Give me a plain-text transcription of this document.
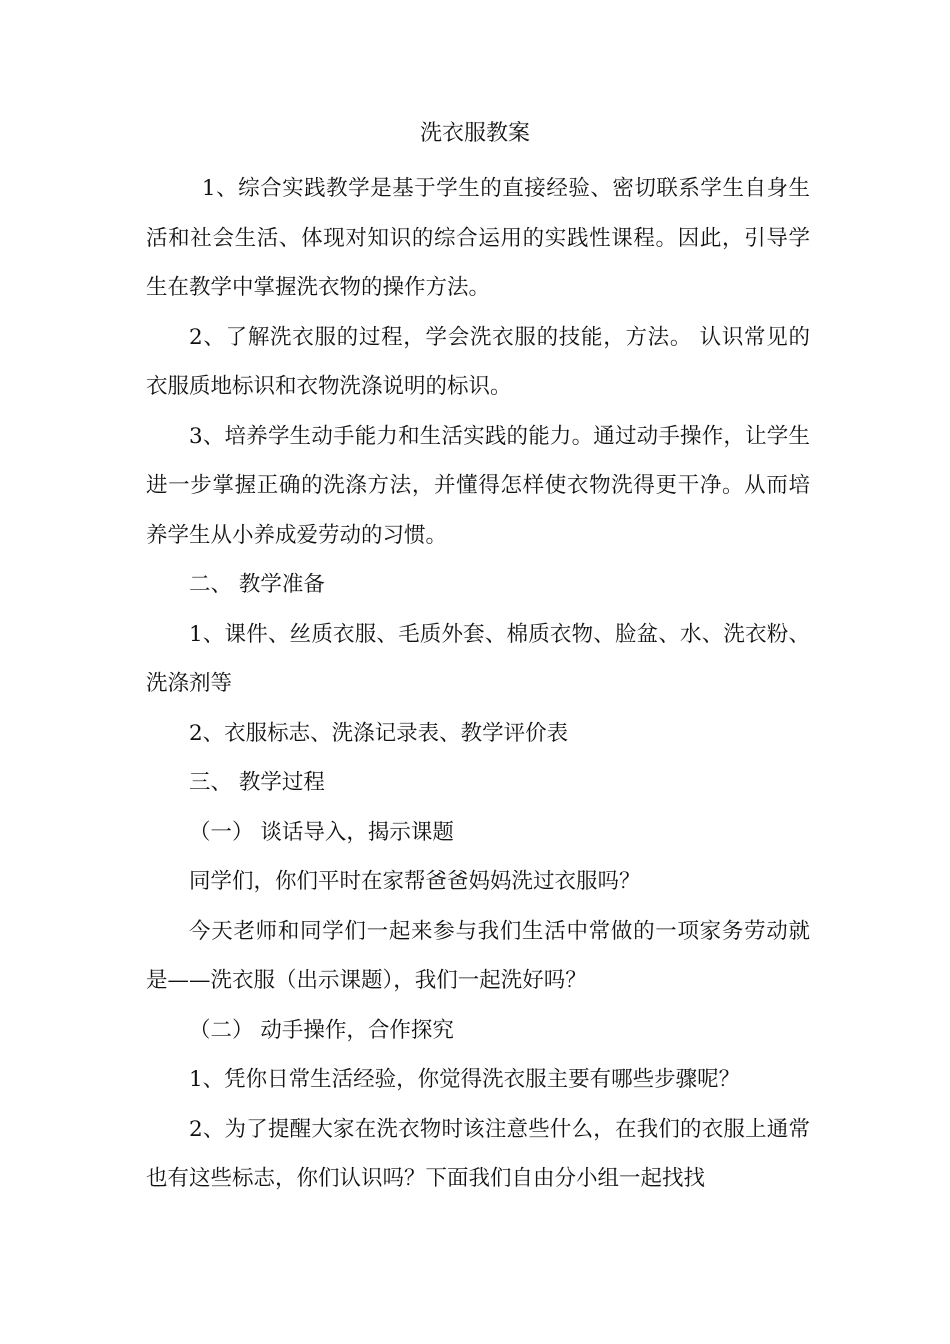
洗衣服教案

1、综合实践教学是基于学生的直接经验、密切联系学生自身生活和社会生活、体现对知识的综合运用的实践性课程。因此，引导学生在教学中掌握洗衣物的操作方法。

2、了解洗衣服的过程，学会洗衣服的技能，方法。 认识常见的衣服质地标识和衣物洗涤说明的标识。

3、培养学生动手能力和生活实践的能力。通过动手操作，让学生进一步掌握正确的洗涤方法，并懂得怎样使衣物洗得更干净。从而培养学生从小养成爱劳动的习惯。

二、 教学准备

1、课件、丝质衣服、毛质外套、棉质衣物、脸盆、水、洗衣粉、洗涤剂等

2、衣服标志、洗涤记录表、教学评价表

三、 教学过程

（一） 谈话导入，揭示课题

同学们，你们平时在家帮爸爸妈妈洗过衣服吗？

今天老师和同学们一起来参与我们生活中常做的一项家务劳动就是——洗衣服（出示课题），我们一起洗好吗？

（二） 动手操作，合作探究

1、凭你日常生活经验，你觉得洗衣服主要有哪些步骤呢？

2、为了提醒大家在洗衣物时该注意些什么，在我们的衣服上通常也有这些标志，你们认识吗？下面我们自由分小组一起找找
